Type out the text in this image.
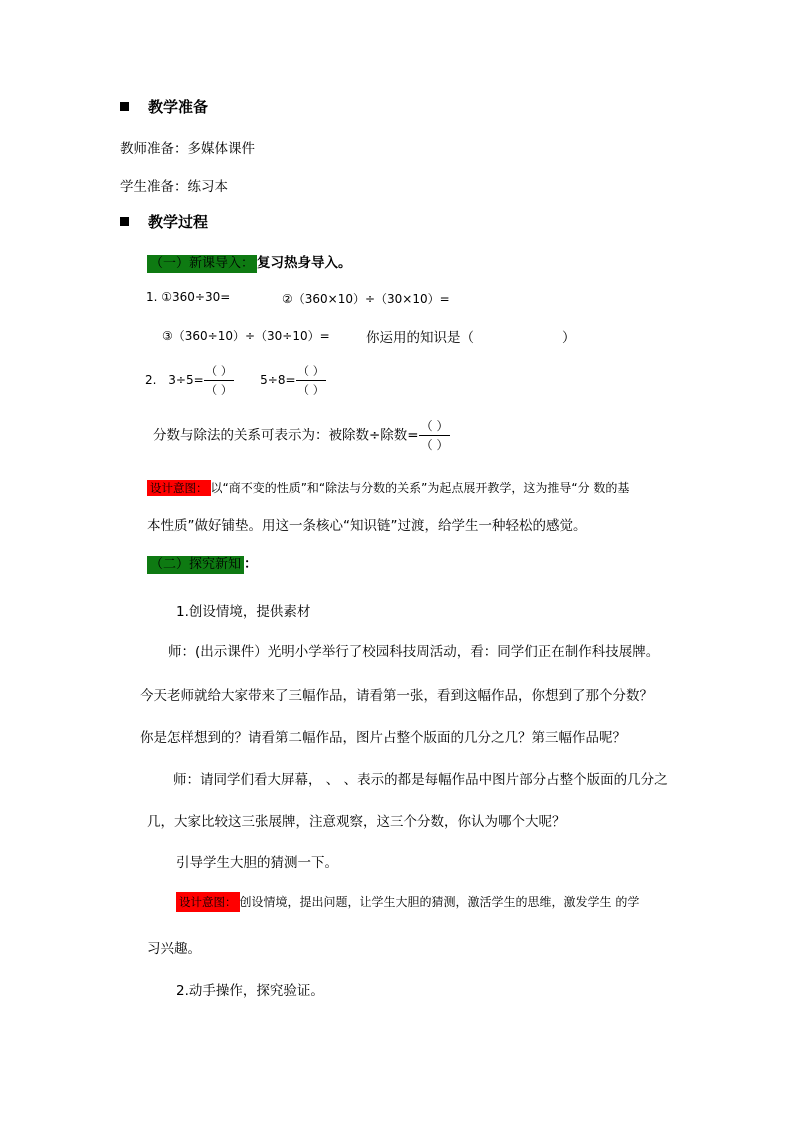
教学准备
教师准备：多媒体课件
学生准备：练习本
教学过程
（一）新课导入： 复习热身导入。
1. ①360÷30=	②（360×10）÷（30×10）=
③（360÷10）÷（30÷10）=	你运用的知识是（	）
2. $3\div 5= \frac{( )}{( )} 5\div 8= \frac{( )}{( )}$
分数与除法的关系可表示为：被除数÷除数= $\frac{( )}{( )}$
设计意图： 以“商不变的性质”和“除法与分数的关系”为起点展开教学，这为推导“分 数的基
本性质”做好铺垫。用这一条核心“知识链”过渡，给学生一种轻松的感觉。
（二）探究新知 ：
1.创设情境，提供素材
师：(出示课件）光明小学举行了校园科技周活动，看：同学们正在制作科技展牌。
今天老师就给大家带来了三幅作品，请看第一张，看到这幅作品，你想到了那个分数？
你是怎样想到的？请看第二幅作品，图片占整个版面的几分之几？第三幅作品呢？
师：请同学们看大屏幕， 、 、表示的都是每幅作品中图片部分占整个版面的几分之
几，大家比较这三张展牌，注意观察，这三个分数，你认为哪个大呢？
引导学生大胆的猜测一下。
设计意图： 创设情境，提出问题，让学生大胆的猜测，激活学生的思维，激发学生 的学
习兴趣。
2.动手操作，探究验证。
